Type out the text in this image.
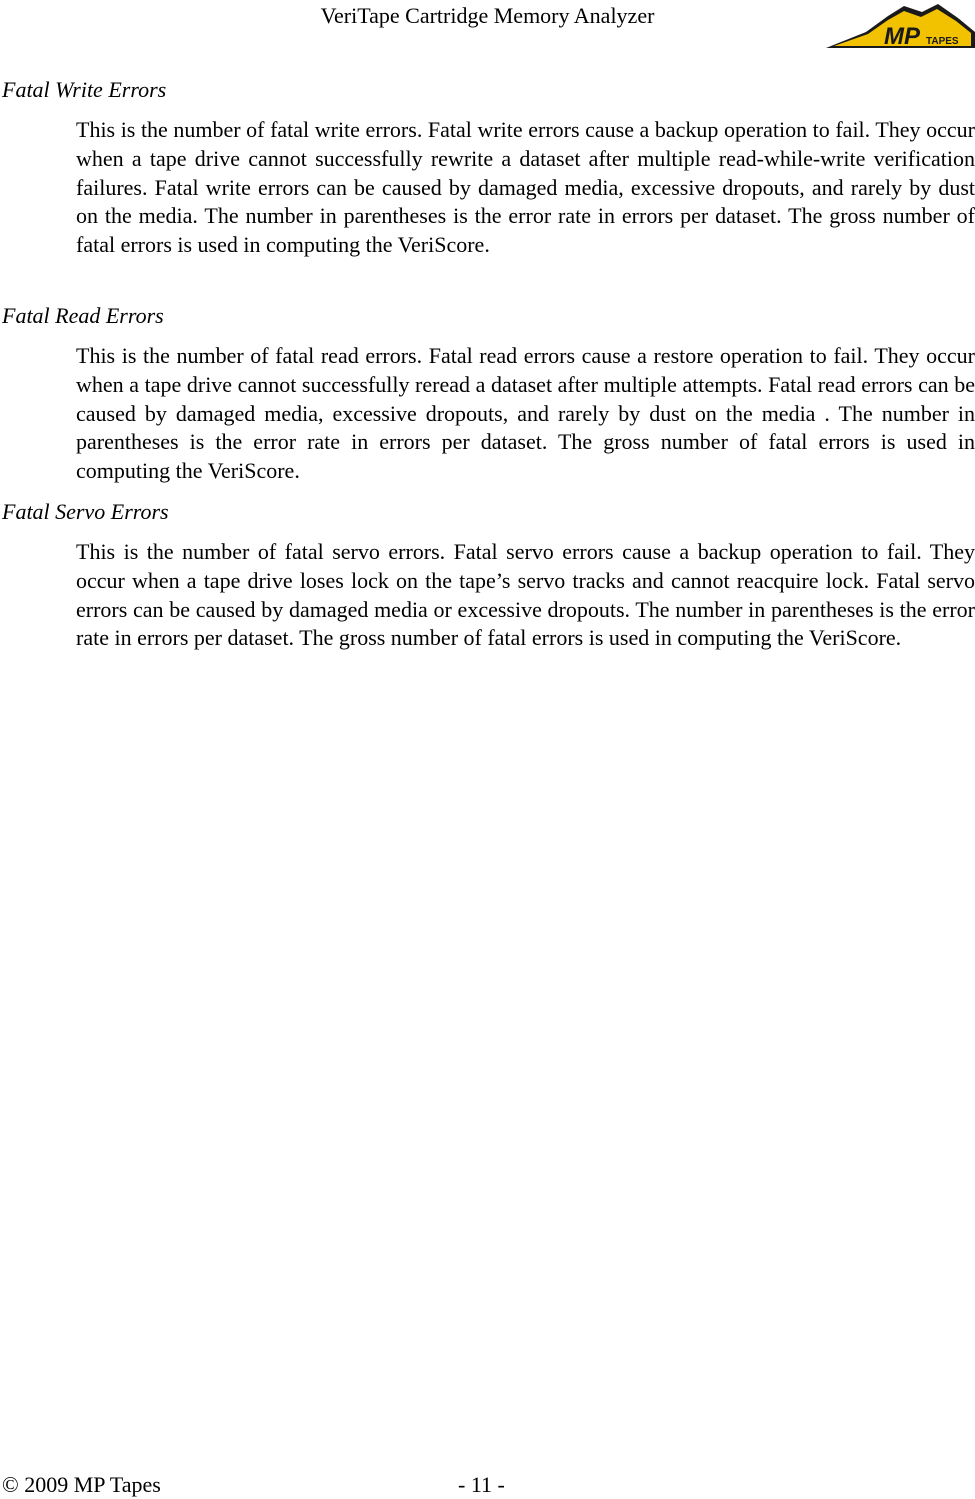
VeriTape Cartridge Memory Analyzer
MP TAPES

Fatal Write Errors

This is the number of fatal write errors. Fatal write errors cause a backup operation to fail. They occur when a tape drive cannot successfully rewrite a dataset after multiple read-while-write verification failures. Fatal write errors can be caused by damaged media, excessive dropouts, and rarely by dust on the media. The number in parentheses is the error rate in errors per dataset. The gross number of fatal errors is used in computing the VeriScore.

Fatal Read Errors

This is the number of fatal read errors. Fatal read errors cause a restore operation to fail. They occur when a tape drive cannot successfully reread a dataset after multiple attempts. Fatal read errors can be caused by damaged media, excessive dropouts, and rarely by dust on the media . The number in parentheses is the error rate in errors per dataset. The gross number of fatal errors is used in computing the VeriScore.

Fatal Servo Errors

This is the number of fatal servo errors. Fatal servo errors cause a backup operation to fail. They occur when a tape drive loses lock on the tape’s servo tracks and cannot reacquire lock. Fatal servo errors can be caused by damaged media or excessive dropouts. The number in parentheses is the error rate in errors per dataset. The gross number of fatal errors is used in computing the VeriScore.

© 2009 MP Tapes	- 11 -
